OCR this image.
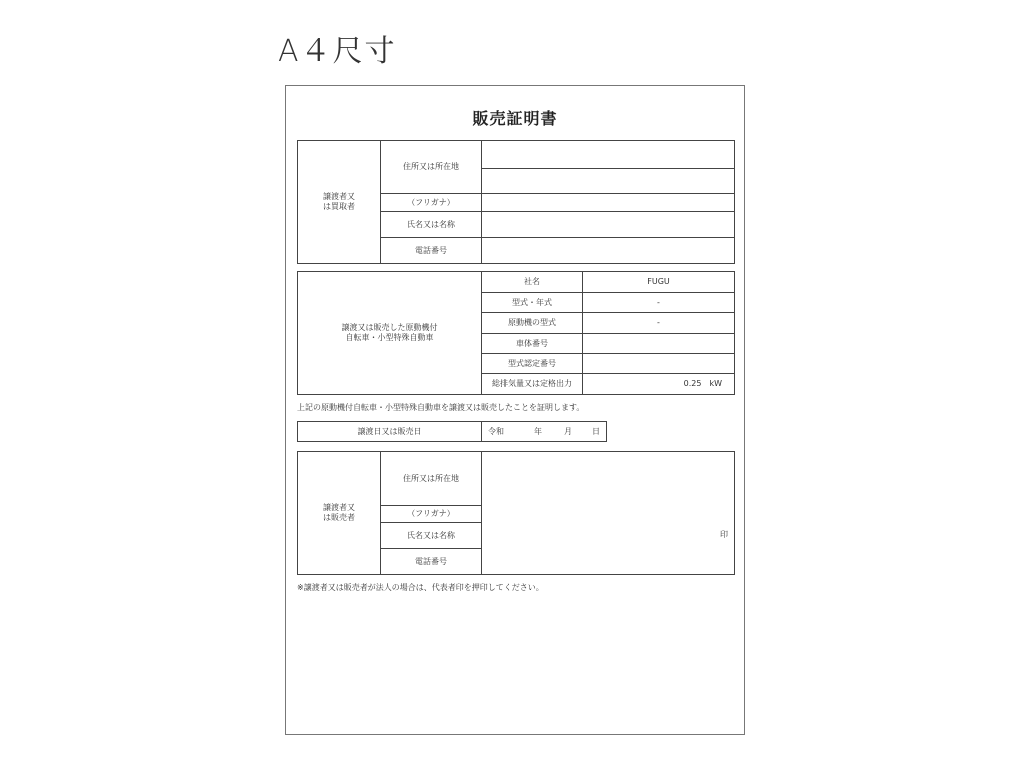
A４尺寸
販売証明書
譲渡者又
は買取者
住所又は所在地
（フリガナ）
氏名又は名称
電話番号
譲渡又は販売した原動機付
自転車・小型特殊自動車
社名	FUGU
型式・年式	-
原動機の型式	-
車体番号
型式認定番号
総排気量又は定格出力	0.25　kW
上記の原動機付自転車・小型特殊自動車を譲渡又は販売したことを証明します。
譲渡日又は販売日	令和	年	月	日
譲渡者又
は販売者
住所又は所在地
（フリガナ）
氏名又は名称
電話番号
印
※譲渡者又は販売者が法人の場合は、代表者印を押印してください。
